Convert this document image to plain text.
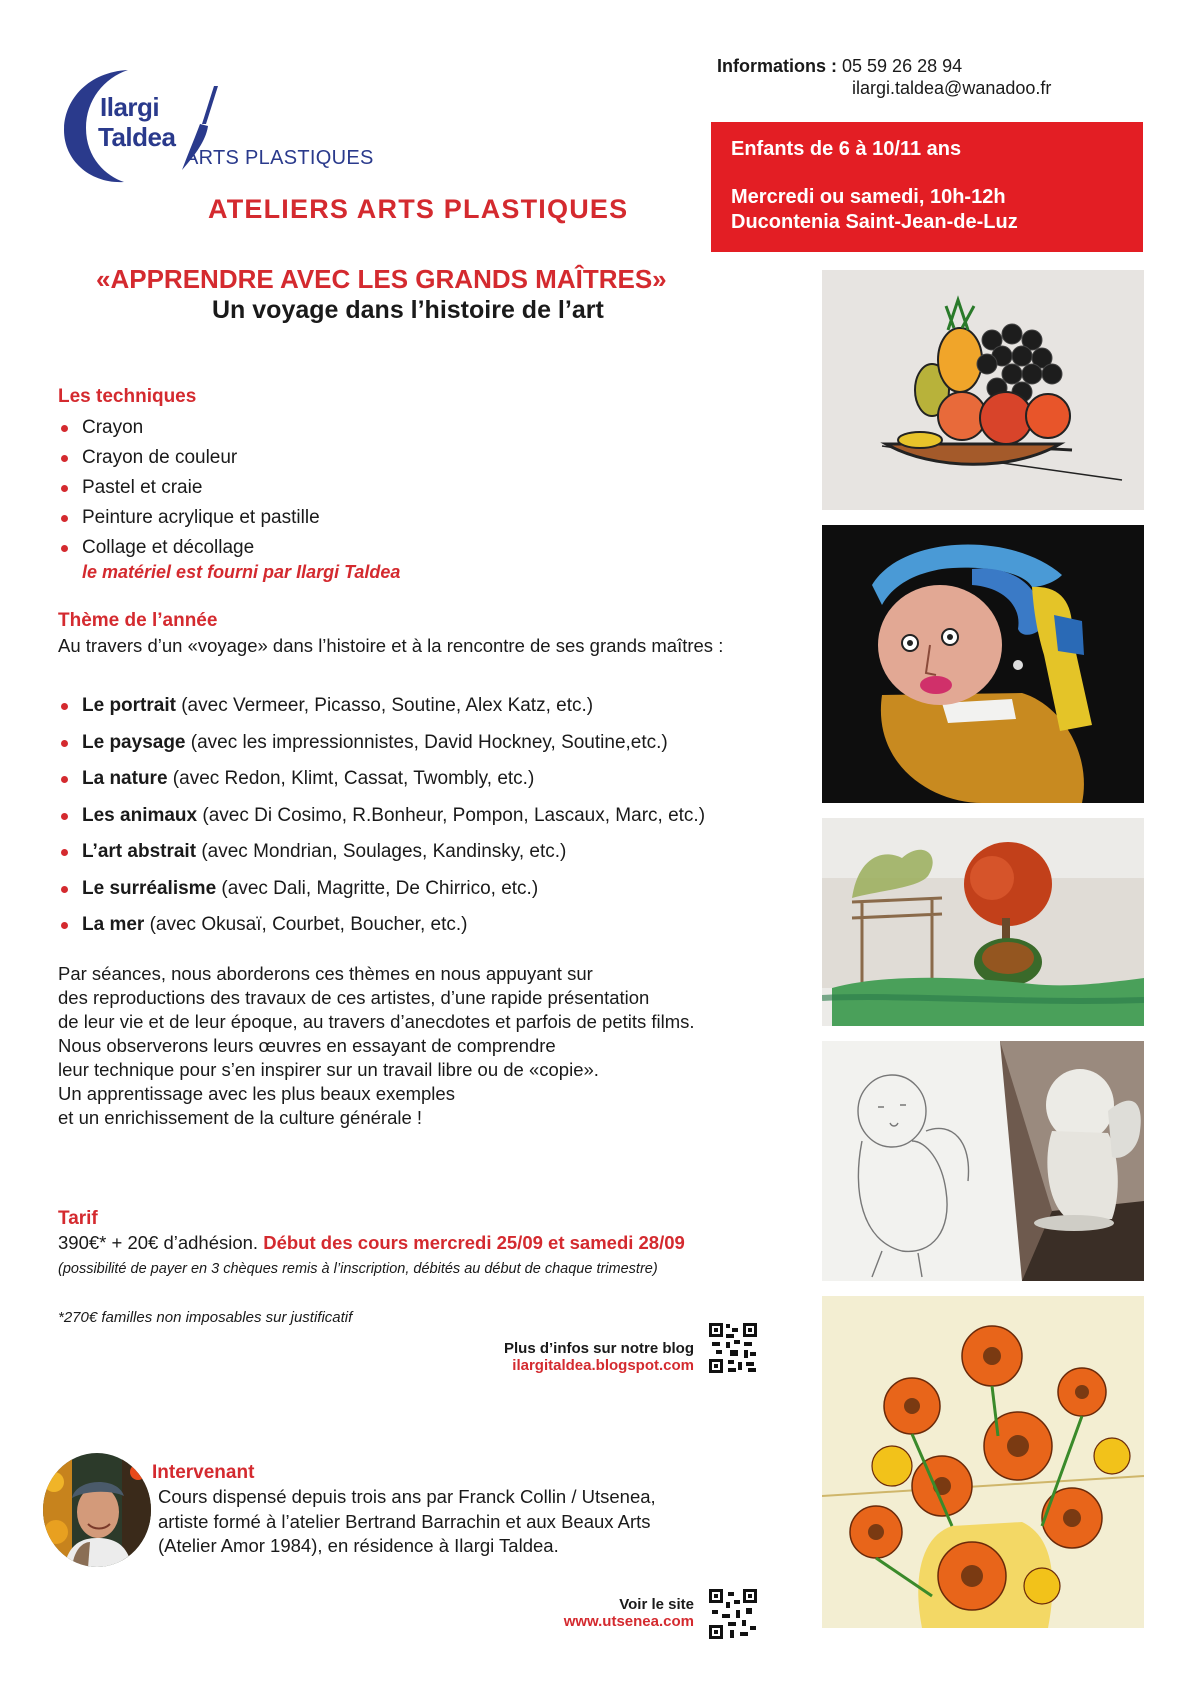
Ilargi
Taldea
ARTS PLASTIQUES
Informations : 05 59 26 28 94
ilargi.taldea@wanadoo.fr
Enfants de 6 à 10/11 ans
Mercredi ou samedi, 10h-12h
Ducontenia Saint-Jean-de-Luz
ATELIERS ARTS PLASTIQUES
«APPRENDRE AVEC LES GRANDS MAÎTRES»
Un voyage dans l’histoire de l’art
Les techniques
Crayon
Crayon de couleur
Pastel et craie
Peinture acrylique et pastille
Collage et décollage
le matériel est fourni par Ilargi Taldea
Thème de l’année
Au travers d’un «voyage» dans l’histoire et à la rencontre de ses grands maîtres :
Le portrait (avec Vermeer, Picasso, Soutine, Alex Katz, etc.)
Le paysage (avec les impressionnistes, David Hockney, Soutine,etc.)
La nature (avec Redon, Klimt, Cassat, Twombly, etc.)
Les animaux (avec Di Cosimo, R.Bonheur, Pompon, Lascaux, Marc, etc.)
L’art abstrait (avec Mondrian, Soulages, Kandinsky, etc.)
Le surréalisme (avec Dali, Magritte, De Chirrico, etc.)
La mer (avec Okusaï, Courbet, Boucher, etc.)
Par séances, nous aborderons ces thèmes en nous appuyant sur
des reproductions des travaux de ces artistes, d’une rapide présentation
de leur vie et de leur époque, au travers d’anecdotes et parfois de petits films.
Nous observerons leurs œuvres en essayant de comprendre
leur technique pour s’en inspirer sur un travail libre ou de «copie».
Un apprentissage avec les plus beaux exemples
et un enrichissement de la culture générale !
Tarif
390€* + 20€ d’adhésion. Début des cours mercredi 25/09 et samedi 28/09
(possibilité de payer en 3 chèques remis à l’inscription, débités au début de chaque trimestre)
*270€ familles non imposables sur justificatif
Plus d’infos sur notre blog
ilargitaldea.blogspot.com
Intervenant
Cours dispensé depuis trois ans par Franck Collin / Utsenea,
artiste formé à l’atelier Bertrand Barrachin et aux Beaux Arts
(Atelier Amor 1984), en résidence à Ilargi Taldea.
Voir le site
www.utsenea.com
